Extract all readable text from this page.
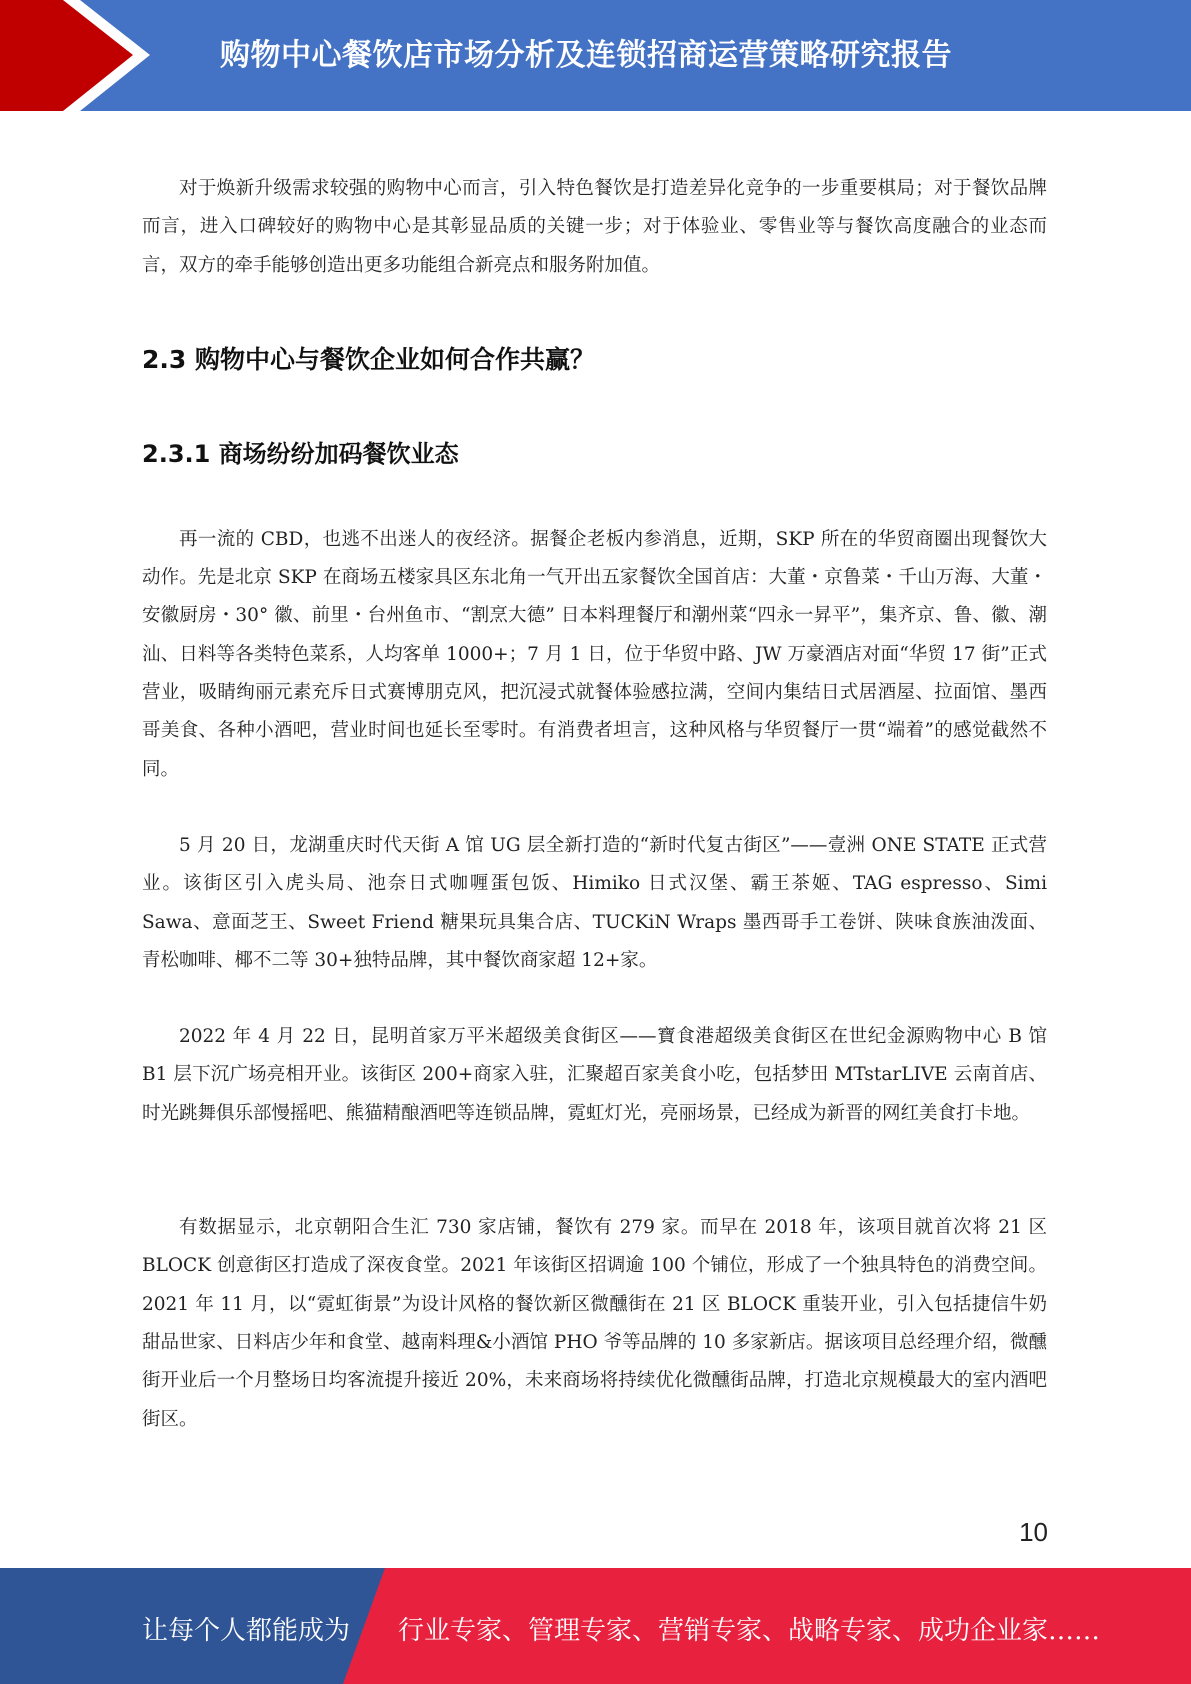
购物中心餐饮店市场分析及连锁招商运营策略研究报告

对于焕新升级需求较强的购物中心而言，引入特色餐饮是打造差异化竞争的一步重要棋局；对于餐饮品牌而言，进入口碑较好的购物中心是其彰显品质的关键一步；对于体验业、零售业等与餐饮高度融合的业态而言，双方的牵手能够创造出更多功能组合新亮点和服务附加值。

2.3 购物中心与餐饮企业如何合作共赢？
2.3.1 商场纷纷加码餐饮业态

再一流的 CBD，也逃不出迷人的夜经济。据餐企老板内参消息，近期，SKP 所在的华贸商圈出现餐饮大动作。先是北京 SKP 在商场五楼家具区东北角一气开出五家餐饮全国首店：大董・京鲁菜・千山万海、大董・安徽厨房・30° 徽、前里・台州鱼市、“割烹大德” 日本料理餐厅和潮州菜“四永一昇平”，集齐京、鲁、徽、潮汕、日料等各类特色菜系，人均客单 1000+；7 月 1 日，位于华贸中路、JW 万豪酒店对面“华贸 17 街”正式营业，吸睛绚丽元素充斥日式赛博朋克风，把沉浸式就餐体验感拉满，空间内集结日式居酒屋、拉面馆、墨西哥美食、各种小酒吧，营业时间也延长至零时。有消费者坦言，这种风格与华贸餐厅一贯“端着”的感觉截然不同。

5 月 20 日，龙湖重庆时代天街 A 馆 UG 层全新打造的“新时代复古街区”——壹洲 ONE STATE 正式营业。该街区引入虎头局、池奈日式咖喱蛋包饭、Himiko 日式汉堡、霸王茶姬、TAG espresso、Simi Sawa、意面芝王、Sweet Friend 糖果玩具集合店、TUCKiN Wraps 墨西哥手工卷饼、陕味食族油泼面、青松咖啡、椰不二等 30+独特品牌，其中餐饮商家超 12+家。

2022 年 4 月 22 日，昆明首家万平米超级美食街区——寶食港超级美食街区在世纪金源购物中心 B 馆 B1 层下沉广场亮相开业。该街区 200+商家入驻，汇聚超百家美食小吃，包括梦田 MTstarLIVE 云南首店、时光跳舞俱乐部慢摇吧、熊猫精酿酒吧等连锁品牌，霓虹灯光，亮丽场景，已经成为新晋的网红美食打卡地。

有数据显示，北京朝阳合生汇 730 家店铺，餐饮有 279 家。而早在 2018 年，该项目就首次将 21 区 BLOCK 创意街区打造成了深夜食堂。2021 年该街区招调逾 100 个铺位，形成了一个独具特色的消费空间。2021 年 11 月，以“霓虹街景”为设计风格的餐饮新区微醺街在 21 区 BLOCK 重装开业，引入包括捷信牛奶甜品世家、日料店少年和食堂、越南料理&小酒馆 PHO 爷等品牌的 10 多家新店。据该项目总经理介绍，微醺街开业后一个月整场日均客流提升接近 20%，未来商场将持续优化微醺街品牌，打造北京规模最大的室内酒吧街区。

10
让每个人都能成为 行业专家、管理专家、营销专家、战略专家、成功企业家……
